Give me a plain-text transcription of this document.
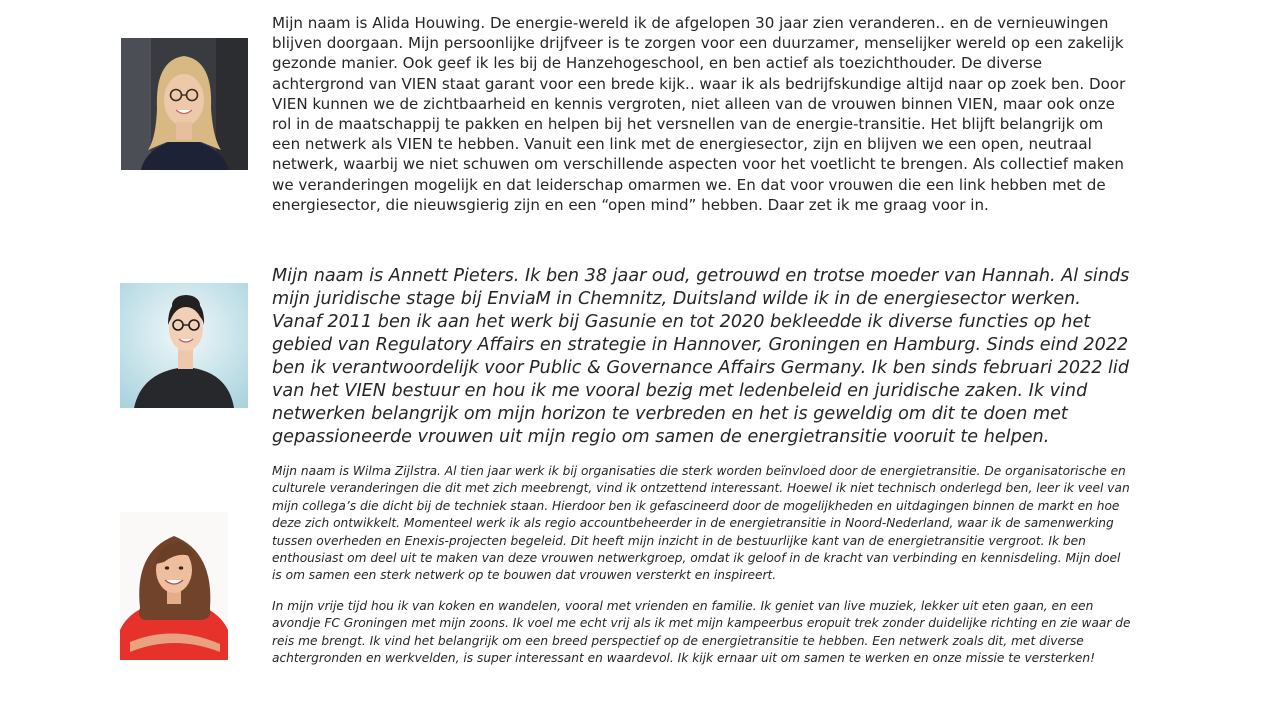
Mijn naam is Alida Houwing. De energie-wereld ik de afgelopen 30 jaar zien veranderen.. en de vernieuwingen blijven doorgaan. Mijn persoonlijke drijfveer is te zorgen voor een duurzamer, menselijker wereld op een zakelijk gezonde manier. Ook geef ik les bij de Hanzehogeschool, en ben actief als toezichthouder. De diverse achtergrond van VIEN staat garant voor een brede kijk.. waar ik als bedrijfskundige altijd naar op zoek ben. Door VIEN kunnen we de zichtbaarheid en kennis vergroten, niet alleen van de vrouwen binnen VIEN, maar ook onze rol in de maatschappij te pakken en helpen bij het versnellen van de energie-transitie. Het blijft belangrijk om een netwerk als VIEN te hebben. Vanuit een link met de energiesector, zijn en blijven we een open, neutraal netwerk, waarbij we niet schuwen om verschillende aspecten voor het voetlicht te brengen. Als collectief maken we veranderingen mogelijk en dat leiderschap omarmen we. En dat voor vrouwen die een link hebben met de energiesector, die nieuwsgierig zijn en een “open mind” hebben. Daar zet ik me graag voor in.

Mijn naam is Annett Pieters. Ik ben 38 jaar oud, getrouwd en trotse moeder van Hannah. Al sinds mijn juridische stage bij EnviaM in Chemnitz, Duitsland wilde ik in de energiesector werken. Vanaf 2011 ben ik aan het werk bij Gasunie en tot 2020 bekleedde ik diverse functies op het gebied van Regulatory Affairs en strategie in Hannover, Groningen en Hamburg. Sinds eind 2022 ben ik verantwoordelijk voor Public & Governance Affairs Germany. Ik ben sinds februari 2022 lid van het VIEN bestuur en hou ik me vooral bezig met ledenbeleid en juridische zaken. Ik vind netwerken belangrijk om mijn horizon te verbreden en het is geweldig om dit te doen met gepassioneerde vrouwen uit mijn regio om samen de energietransitie vooruit te helpen.

Mijn naam is Wilma Zijlstra. Al tien jaar werk ik bij organisaties die sterk worden beïnvloed door de energietransitie. De organisatorische en culturele veranderingen die dit met zich meebrengt, vind ik ontzettend interessant. Hoewel ik niet technisch onderlegd ben, leer ik veel van mijn collega’s die dicht bij de techniek staan. Hierdoor ben ik gefascineerd door de mogelijkheden en uitdagingen binnen de markt en hoe deze zich ontwikkelt. Momenteel werk ik als regio accountbeheerder in de energietransitie in Noord-Nederland, waar ik de samenwerking tussen overheden en Enexis-projecten begeleid. Dit heeft mijn inzicht in de bestuurlijke kant van de energietransitie vergroot. Ik ben enthousiast om deel uit te maken van deze vrouwen netwerkgroep, omdat ik geloof in de kracht van verbinding en kennisdeling. Mijn doel is om samen een sterk netwerk op te bouwen dat vrouwen versterkt en inspireert.

In mijn vrije tijd hou ik van koken en wandelen, vooral met vrienden en familie. Ik geniet van live muziek, lekker uit eten gaan, en een avondje FC Groningen met mijn zoons. Ik voel me echt vrij als ik met mijn kampeerbus eropuit trek zonder duidelijke richting en zie waar de reis me brengt. Ik vind het belangrijk om een breed perspectief op de energietransitie te hebben. Een netwerk zoals dit, met diverse achtergronden en werkvelden, is super interessant en waardevol. Ik kijk ernaar uit om samen te werken en onze missie te versterken!
